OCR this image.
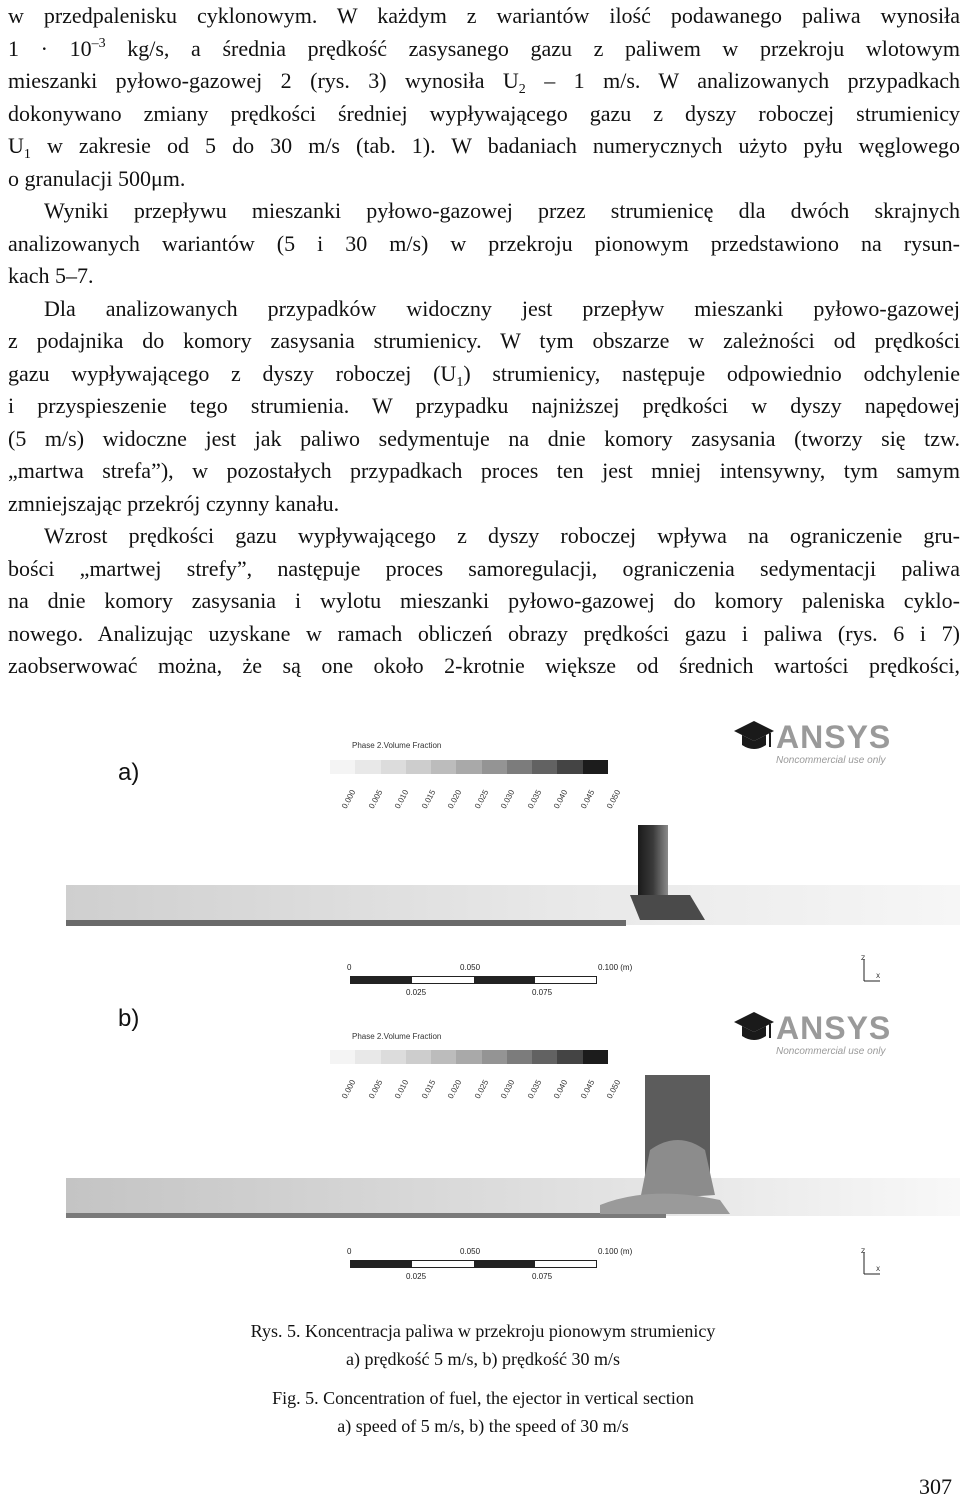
w przedpalenisku cyklonowym. W każdym z wariantów ilość podawanego paliwa wynosiła
$1 \cdot 10^{-3}$ kg/s, a średnia prędkość zasysanego gazu z paliwem w przekroju wlotowym
mieszanki pyłowo-gazowej 2 (rys. 3) wynosiła $U_2 - 1$ m/s. W analizowanych przypadkach
dokonywano zmiany prędkości średniej wypływającego gazu z dyszy roboczej strumienicy
$U_1$ w zakresie od 5 do 30 m/s (tab. 1). W badaniach numerycznych użyto pyłu węglowego
o granulacji 500μm.
Wyniki przepływu mieszanki pyłowo-gazowej przez strumienicę dla dwóch skrajnych
analizowanych wariantów (5 i 30 m/s) w przekroju pionowym przedstawiono na rysun-
kach 5–7.
Dla analizowanych przypadków widoczny jest przepływ mieszanki pyłowo-gazowej
z podajnika do komory zasysania strumienicy. W tym obszarze w zależności od prędkości
gazu wypływającego z dyszy roboczej $(U_1)$ strumienicy, następuje odpowiednio odchylenie
i przyspieszenie tego strumienia. W przypadku najniższej prędkości w dyszy napędowej
(5 m/s) widoczne jest jak paliwo sedymentuje na dnie komory zasysania (tworzy się tzw.
„martwa strefa”), w pozostałych przypadkach proces ten jest mniej intensywny, tym samym
zmniejszając przekrój czynny kanału.
Wzrost prędkości gazu wypływającego z dyszy roboczej wpływa na ograniczenie gru-
bości „martwej strefy”, następuje proces samoregulacji, ograniczenia sedymentacji paliwa
na dnie komory zasysania i wylotu mieszanki pyłowo-gazowej do komory paleniska cyklo-
nowego. Analizując uzyskane w ramach obliczeń obrazy prędkości gazu i paliwa (rys. 6 i 7)
zaobserwować można, że są one około 2-krotnie większe od średnich wartości prędkości,
a)
ANSYS
Noncommercial use only
Phase 2.Volume Fraction
0.000 0.005 0.010 0.015 0.020 0.025 0.030 0.035 0.040 0.045 0.050
0	0.050	0.100 (m)
0.025	0.075
Z
X
b)	ANSYS
Noncommercial use only
Phase 2.Volume Fraction
0.000 0.005 0.010 0.015 0.020 0.025 0.030 0.035 0.040 0.045 0.050
0	0.050	0.100 (m)
0.025	0.075
Z
X
Rys. 5. Koncentracja paliwa w przekroju pionowym strumienicy
a) prędkość 5 m/s, b) prędkość 30 m/s
Fig. 5. Concentration of fuel, the ejector in vertical section
a) speed of 5 m/s, b) the speed of 30 m/s
307
